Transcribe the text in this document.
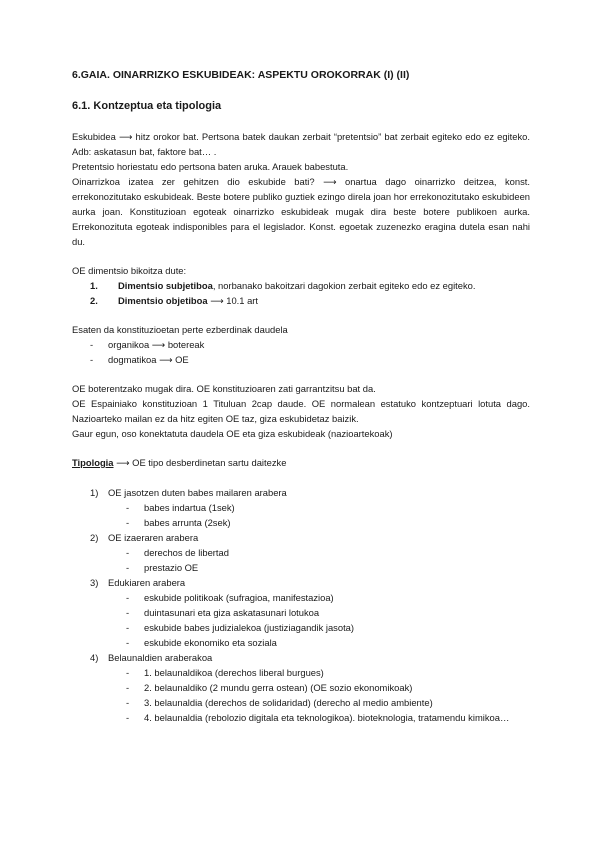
6.GAIA. OINARRIZKO ESKUBIDEAK: ASPEKTU OROKORRAK (I) (II)
6.1. Kontzeptua eta tipologia

Eskubidea ⟶ hitz orokor bat. Pertsona batek daukan zerbait “pretentsio” bat zerbait egiteko edo ez egiteko. Adb: askatasun bat, faktore bat… .

Pretentsio horiestatu edo pertsona baten aruka. Arauek babestuta.

Oinarrizkoa izatea zer gehitzen dio eskubide bati? ⟶ onartua dago oinarrizko deitzea, konst. errekonozitutako eskubideak. Beste botere publiko guztiek ezingo direla joan hor errekonozitutako eskubideen aurka joan. Konstituzioan egoteak oinarrizko eskubideak mugak dira beste botere publikoen aurka. Errekonozituta egoteak indisponibles para el legislador. Konst. egoetak zuzenezko eragina dutela esan nahi du.

OE dimentsio bikoitza dute:

1. Dimentsio subjetiboa, norbanako bakoitzari dagokion zerbait egiteko edo ez egiteko.
2. Dimentsio objetiboa ⟶ 10.1 art

Esaten da konstituzioetan perte ezberdinak daudela

- organikoa ⟶ botereak
- dogmatikoa ⟶ OE

OE boterentzako mugak dira. OE konstituzioaren zati garrantzitsu bat da.

OE Espainiako konstituzioan 1 Tituluan 2cap daude. OE normalean estatuko kontzeptuari lotuta dago. Nazioarteko mailan ez da hitz egiten OE taz, giza eskubidetaz baizik.

Gaur egun, oso konektatuta daudela OE eta giza eskubideak (nazioartekoak)

Tipologia ⟶ OE tipo desberdinetan sartu daitezke

1) OE jasotzen duten babes mailaren arabera
- babes indartua (1sek)
- babes arrunta (2sek)
2) OE izaeraren arabera
- derechos de libertad
- prestazio OE
3) Edukiaren arabera
- eskubide politikoak (sufragioa, manifestazioa)
- duintasunari eta giza askatasunari lotukoa
- eskubide babes judizialekoa (justiziagandik jasota)
- eskubide ekonomiko eta soziala
4) Belaunaldien araberakoa
- 1. belaunaldikoa (derechos liberal burgues)
- 2. belaunaldiko (2 mundu gerra ostean) (OE sozio ekonomikoak)
- 3. belaunaldia (derechos de solidaridad) (derecho al medio ambiente)
- 4. belaunaldia (rebolozio digitala eta teknologikoa). bioteknologia, tratamendu kimikoa…
